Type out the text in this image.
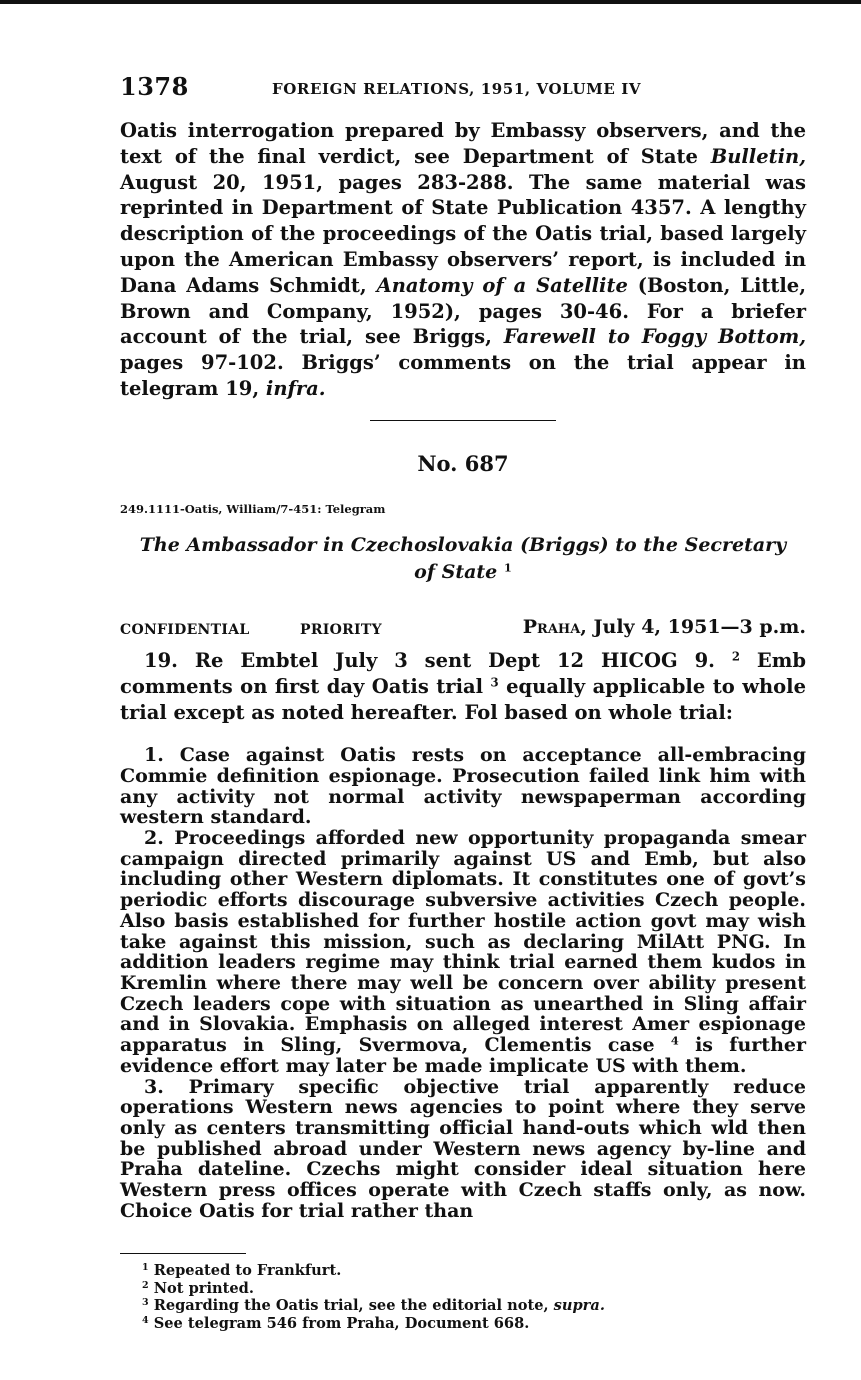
1378	FOREIGN RELATIONS, 1951, VOLUME IV

Oatis interrogation prepared by Embassy observers, and the text of the final verdict, see Department of State Bulletin, August 20, 1951, pages 283-288. The same material was reprinted in Department of State Publication 4357. A lengthy description of the proceedings of the Oatis trial, based largely upon the American Embassy observers’ report, is included in Dana Adams Schmidt, Anatomy of a Satellite (Boston, Little, Brown and Company, 1952), pages 30-46. For a briefer account of the trial, see Briggs, Farewell to Foggy Bottom, pages 97-102. Briggs’ comments on the trial appear in telegram 19, infra.

No. 687
249.1111-Oatis, William/7-451: Telegram
The Ambassador in Czechoslovakia (Briggs) to the Secretary of State $^1$
CONFIDENTIAL	PRIORITY	Praha, July 4, 1951—3 p.m.

19. Re Embtel July 3 sent Dept 12 HICOG 9. $^2$ Emb comments on first day Oatis trial $^3$ equally applicable to whole trial except as noted hereafter. Fol based on whole trial:

1. Case against Oatis rests on acceptance all-embracing Commie definition espionage. Prosecution failed link him with any activity not normal activity newspaperman according western standard.

2. Proceedings afforded new opportunity propaganda smear campaign directed primarily against US and Emb, but also including other Western diplomats. It constitutes one of govt’s periodic efforts discourage subversive activities Czech people. Also basis established for further hostile action govt may wish take against this mission, such as declaring MilAtt PNG. In addition leaders regime may think trial earned them kudos in Kremlin where there may well be concern over ability present Czech leaders cope with situation as unearthed in Sling affair and in Slovakia. Emphasis on alleged interest Amer espionage apparatus in Sling, Svermova, Clementis case $^4$ is further evidence effort may later be made implicate US with them.

3. Primary specific objective trial apparently reduce operations Western news agencies to point where they serve only as centers transmitting official hand-outs which wld then be published abroad under Western news agency by-line and Praha dateline. Czechs might consider ideal situation here Western press offices operate with Czech staffs only, as now. Choice Oatis for trial rather than

$^1$ Repeated to Frankfurt.
$^2$ Not printed.
$^3$ Regarding the Oatis trial, see the editorial note, supra.
$^4$ See telegram 546 from Praha, Document 668.
